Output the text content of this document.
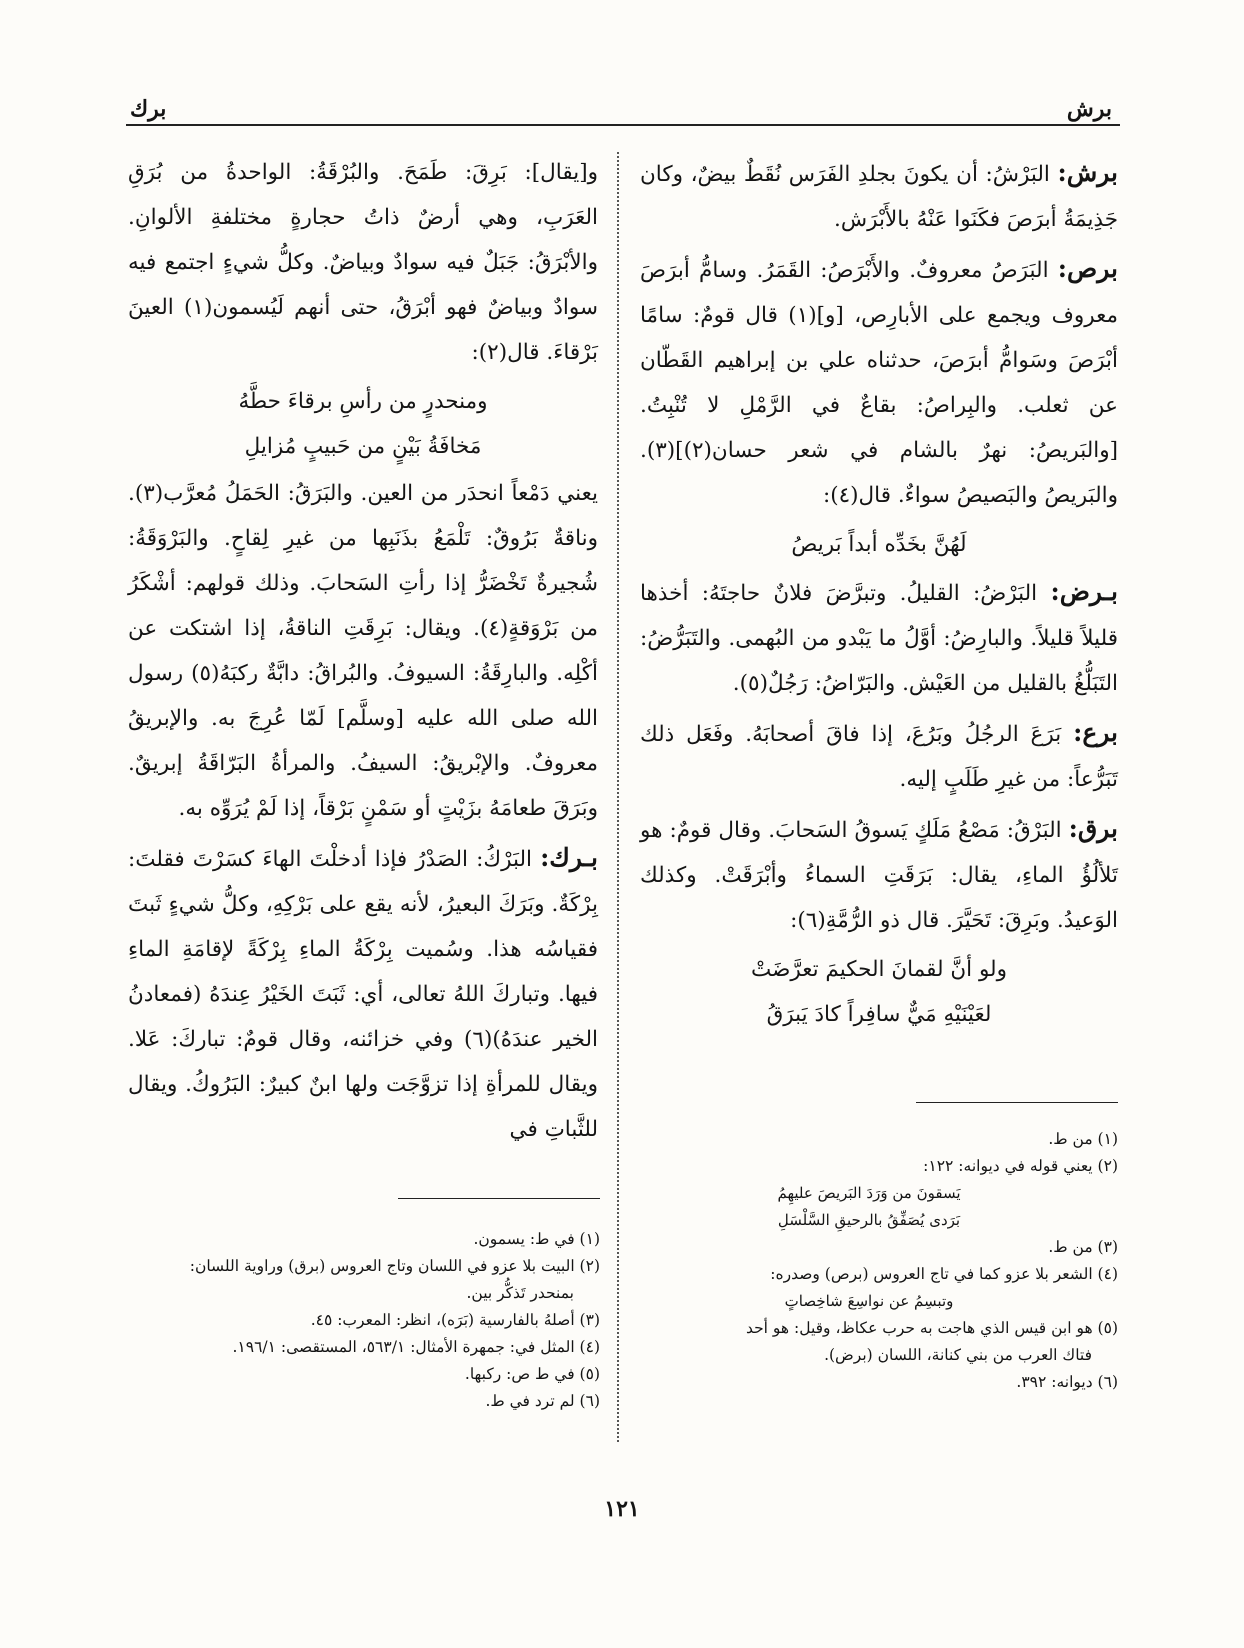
برش
برك

برش: البَرْشُ: أن يكونَ بجلدِ الفَرَس نُقَطٌ بيضٌ، وكان جَذِيمَةُ أبرَصَ فكَنَوا عَنْهُ بالأَبْرَش.

برص: البَرَصُ معروفٌ. والأَبْرَصُ: القَمَرُ. وسامُّ أبرَصَ معروف ويجمع على الأبارِص، [و](١) قال قومٌ: سامًا أبْرَصَ وسَوامُّ أبرَصَ، حدثناه علي بن إبراهيم القَطّان عن ثعلب. والبِراصُ: بقاعٌ في الرَّمْلِ لا تُنْبِتُ. [والبَريصُ: نهرٌ بالشام في شعر حسان(٢)](٣). والبَريصُ والبَصيصُ سواءٌ. قال(٤):

لَهُنَّ بخَدِّه أبداً بَريصُ

بـرض: البَرْضُ: القليلُ. وتبرَّضَ فلانٌ حاجتَهُ: أخذها قليلاً قليلاً. والبارِضُ: أوَّلُ ما يَبْدو من البُهمى. والتَبَرُّضُ: التَبَلُّغُ بالقليل من العَيْش. والبَرّاضُ: رَجُلٌ(٥).

برع: بَرَعَ الرجُلُ وبَرُعَ، إذا فاقَ أصحابَهُ. وفَعَل ذلك تَبَرُّعاً: من غيرِ طَلَبٍ إليه.

برق: البَرْقُ: مَصْعُ مَلَكٍ يَسوقُ السَحابَ. وقال قومٌ: هو تَلألُؤُ الماءِ، يقال: بَرَقَتِ السماءُ وأبْرَقَتْ. وكذلك الوَعيدُ. وبَرِقَ: تَحَيَّرَ. قال ذو الرُّمَّةِ(٦):

ولو أنَّ لقمانَ الحكيمَ تعرَّضَتْ
لعَيْنَيْهِ مَيٌّ سافِراً كادَ يَبرَقُ

و[يقال]: بَرِقَ: طَمَحَ. والبُرْقَةُ: الواحدةُ من بُرَقِ العَرَبِ، وهي أرضٌ ذاتُ حجارةٍ مختلفةِ الألوانِ. والأبْرَقُ: جَبَلٌ فيه سوادٌ وبياضٌ. وكلُّ شيءٍ اجتمع فيه سوادٌ وبياضٌ فهو أبْرَقُ، حتى أنهم لَيُسمون(١) العينَ بَرْقاءَ. قال(٢):

ومنحدرٍ من رأسِ برقاءَ حطَّهُ
مَخافَةُ بَيْنٍ من حَبيبٍ مُزايلِ

يعني دَمْعاً انحدَر من العين. والبَرَقُ: الحَمَلُ مُعرَّب(٣). وناقةٌ بَرُوقٌ: تَلْمَعُ بذَنَبِها من غيرِ لِقاحٍ. والبَرْوَقَةُ: شُجيرةٌ تَخْضَرُّ إذا رأتِ السَحابَ. وذلك قولهم: أشْكَرُ من بَرْوَقةٍ(٤). ويقال: بَرِقَتِ الناقةُ، إذا اشتكت عن أكْلِه. والبارِقَةُ: السيوفُ. والبُراقُ: دابَّةٌ ركبَهُ(٥) رسول الله صلى الله عليه [وسلَّم] لَمّا عُرِجَ به. والإبريقُ معروفٌ. والإبْريقُ: السيفُ. والمرأةُ البَرّاقَةُ إبريقٌ. وبَرَقَ طعامَهُ بزَيْتٍ أو سَمْنٍ بَرْقاً، إذا لَمْ يُرَوِّه به.

بـرك: البَرْكُ: الصَدْرُ فإذا أدخلْتَ الهاءَ كسَرْتَ فقلتَ: بِرْكَةٌ. وبَرَكَ البعيرُ، لأنه يقع على بَرْكِهِ، وكلُّ شيءٍ ثَبتَ فقياسُه هذا. وسُميت بِرْكَةُ الماءِ بِرْكَةً لإقامَةِ الماءِ فيها. وتباركَ اللهُ تعالى، أي: ثَبَتَ الخَيْرُ عِندَهُ (فمعادنُ الخير عندَهُ)(٦) وفي خزائنه، وقال قومٌ: تباركَ: عَلا. ويقال للمرأةِ إذا تزوَّجَت ولها ابنٌ كبيرٌ: البَرُوكُ. ويقال للثَّباتِ في	(١) من ط.
(٢) يعني قوله في ديوانه: ١٢٢:
يَسقونَ من وَرَدَ البَريصَ عليهِمُ
بَرَدى يُصَفِّقُ بالرحيقِ السَّلْسَلِ
(٣) من ط.
(٤) الشعر بلا عزو كما في تاج العروس (برص) وصدره:
وتبسِمُ عن نواسِعَ شاخِصاتٍ
(٥) هو ابن قيس الذي هاجت به حرب عكاظ، وقيل: هو أحد
فتاك العرب من بني كنانة، اللسان (برض).
(٦) ديوانه: ٣٩٢.
(١) في ط: يسمون.
(٢) البيت بلا عزو في اللسان وتاج العروس (برق) وراوية اللسان:
بمنحدر تَذكُّر بين.
(٣) أصلهُ بالفارسية (بَرَه)، انظر: المعرب: ٤٥.
(٤) المثل في: جمهرة الأمثال: ٥٦٣/١، المستقصى: ١٩٦/١.
(٥) في ط ص: ركبها.
(٦) لم ترد في ط.
١٢١
